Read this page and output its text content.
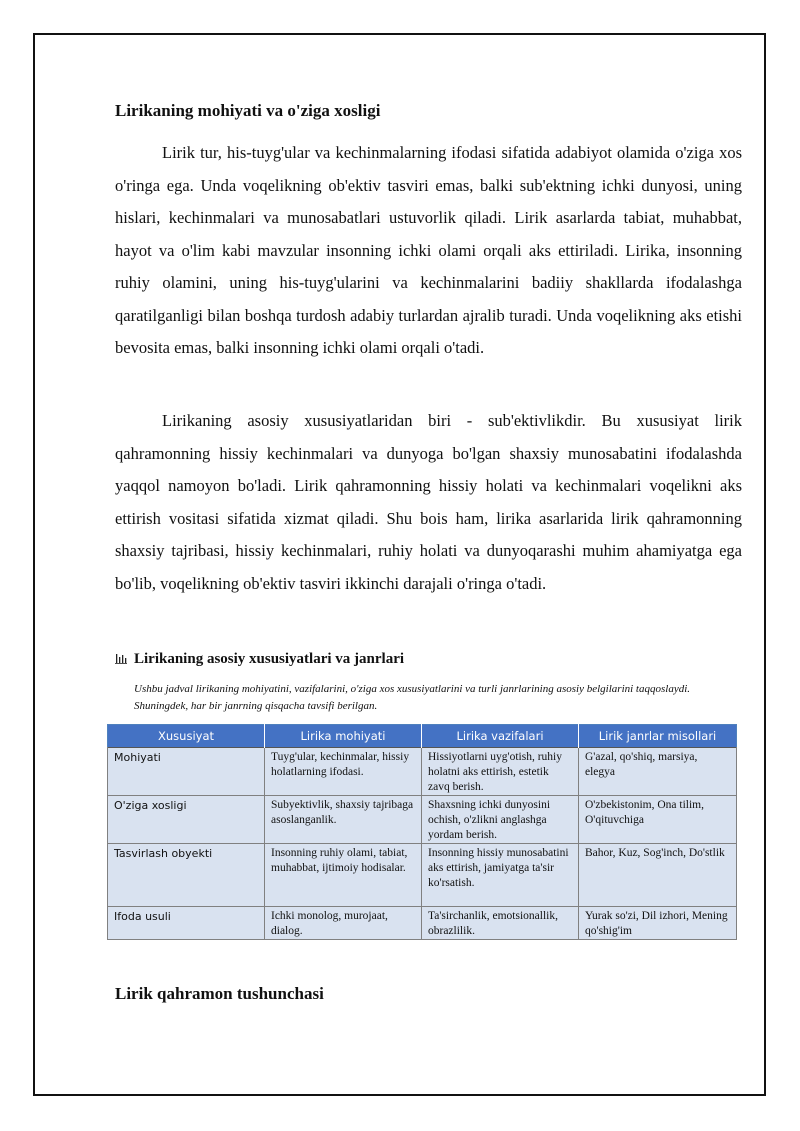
Lirikaning mohiyati va o'ziga xosligi

Lirik tur, his-tuyg'ular va kechinmalarning ifodasi sifatida adabiyot olamida o'ziga xos o'ringa ega. Unda voqelikning ob'ektiv tasviri emas, balki sub'ektning ichki dunyosi, uning hislari, kechinmalari va munosabatlari ustuvorlik qiladi. Lirik asarlarda tabiat, muhabbat, hayot va o'lim kabi mavzular insonning ichki olami orqali aks ettiriladi. Lirika, insonning ruhiy olamini, uning his-tuyg'ularini va kechinmalarini badiiy shakllarda ifodalashga qaratilganligi bilan boshqa turdosh adabiy turlardan ajralib turadi. Unda voqelikning aks etishi bevosita emas, balki insonning ichki olami orqali o'tadi.

Lirikaning asosiy xususiyatlaridan biri - sub'ektivlikdir. Bu xususiyat lirik qahramonning hissiy kechinmalari va dunyoga bo'lgan shaxsiy munosabatini ifodalashda yaqqol namoyon bo'ladi. Lirik qahramonning hissiy holati va kechinmalari voqelikni aks ettirish vositasi sifatida xizmat qiladi. Shu bois ham, lirika asarlarida lirik qahramonning shaxsiy tajribasi, hissiy kechinmalari, ruhiy holati va dunyoqarashi muhim ahamiyatga ega bo'lib, voqelikning ob'ektiv tasviri ikkinchi darajali o'ringa o'tadi.

Lirikaning asosiy xususiyatlari va janrlari

Ushbu jadval lirikaning mohiyatini, vazifalarini, o'ziga xos xususiyatlarini va turli janrlarining asosiy belgilarini taqqoslaydi. Shuningdek, har bir janrning qisqacha tavsifi berilgan.

Xususiyat	Lirika mohiyati	Lirika vazifalari	Lirik janrlar misollari
Mohiyati	Tuyg'ular, kechinmalar, hissiy holatlarning ifodasi.	Hissiyotlarni uyg'otish, ruhiy holatni aks ettirish, estetik zavq berish.	G'azal, qo'shiq, marsiya, elegya
O'ziga xosligi	Subyektivlik, shaxsiy tajribaga asoslanganlik.	Shaxsning ichki dunyosini ochish, o'zlikni anglashga yordam berish.	O'zbekistonim, Ona tilim, O'qituvchiga
Tasvirlash obyekti	Insonning ruhiy olami, tabiat, muhabbat, ijtimoiy hodisalar.	Insonning hissiy munosabatini aks ettirish, jamiyatga ta'sir ko'rsatish.	Bahor, Kuz, Sog'inch, Do'stlik
Ifoda usuli	Ichki monolog, murojaat, dialog.	Ta'sirchanlik, emotsionallik, obrazlilik.	Yurak so'zi, Dil izhori, Mening qo'shig'im
Lirik qahramon tushunchasi
